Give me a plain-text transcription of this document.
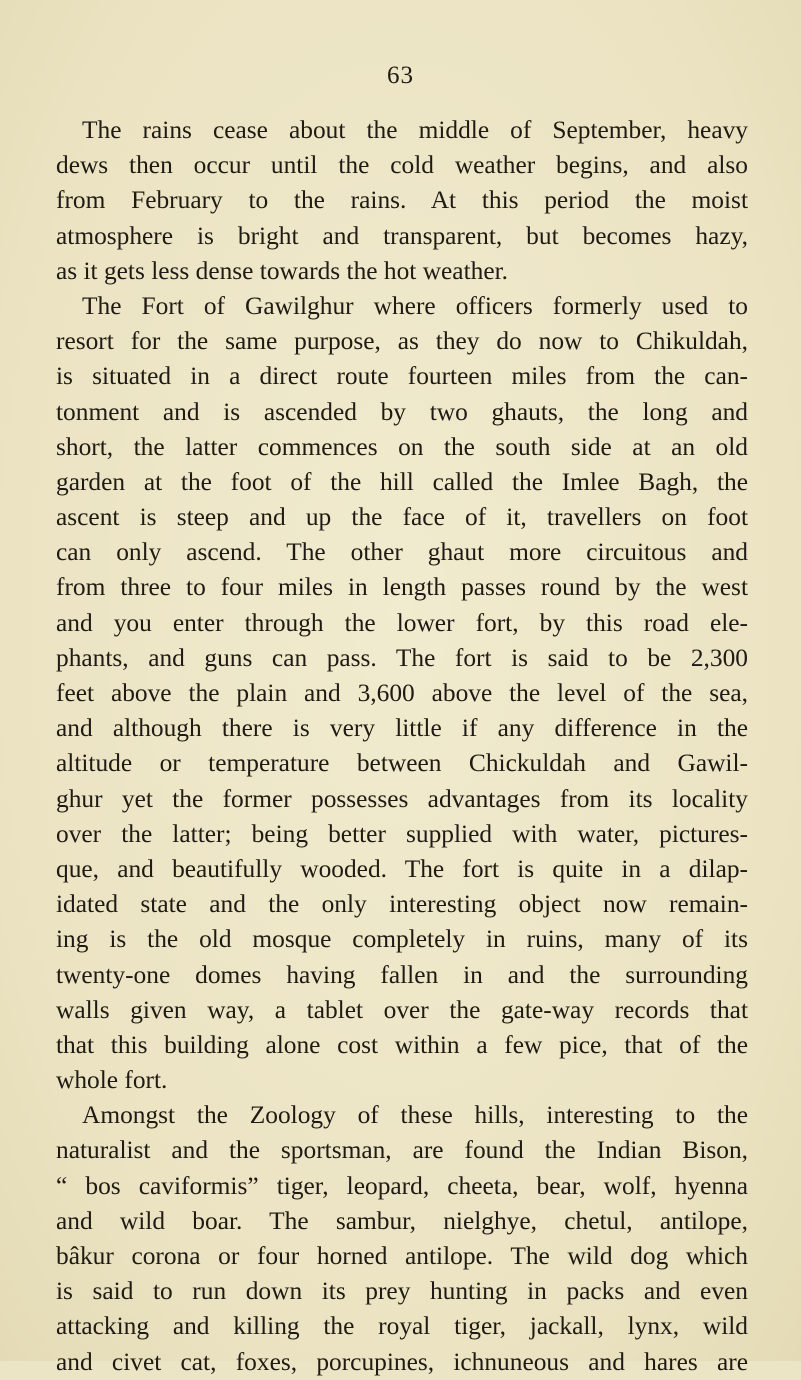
63
The rains cease about the middle of September, heavy
dews then occur until the cold weather begins, and also
from February to the rains. At this period the moist
atmosphere is bright and transparent, but becomes hazy,
as it gets less dense towards the hot weather.
The Fort of Gawilghur where officers formerly used to
resort for the same purpose, as they do now to Chikuldah,
is situated in a direct route fourteen miles from the can-
tonment and is ascended by two ghauts, the long and
short, the latter commences on the south side at an old
garden at the foot of the hill called the Imlee Bagh, the
ascent is steep and up the face of it, travellers on foot
can only ascend. The other ghaut more circuitous and
from three to four miles in length passes round by the west
and you enter through the lower fort, by this road ele-
phants, and guns can pass. The fort is said to be 2,300
feet above the plain and 3,600 above the level of the sea,
and although there is very little if any difference in the
altitude or temperature between Chickuldah and Gawil-
ghur yet the former possesses advantages from its locality
over the latter; being better supplied with water, pictures-
que, and beautifully wooded. The fort is quite in a dilap-
idated state and the only interesting object now remain-
ing is the old mosque completely in ruins, many of its
twenty-one domes having fallen in and the surrounding
walls given way, a tablet over the gate-way records that
that this building alone cost within a few pice, that of the
whole fort.
Amongst the Zoology of these hills, interesting to the
naturalist and the sportsman, are found the Indian Bison,
“ bos caviformis” tiger, leopard, cheeta, bear, wolf, hyenna
and wild boar. The sambur, nielghye, chetul, antilope,
bâkur corona or four horned antilope. The wild dog which
is said to run down its prey hunting in packs and even
attacking and killing the royal tiger, jackall, lynx, wild
and civet cat, foxes, porcupines, ichnuneous and hares are
